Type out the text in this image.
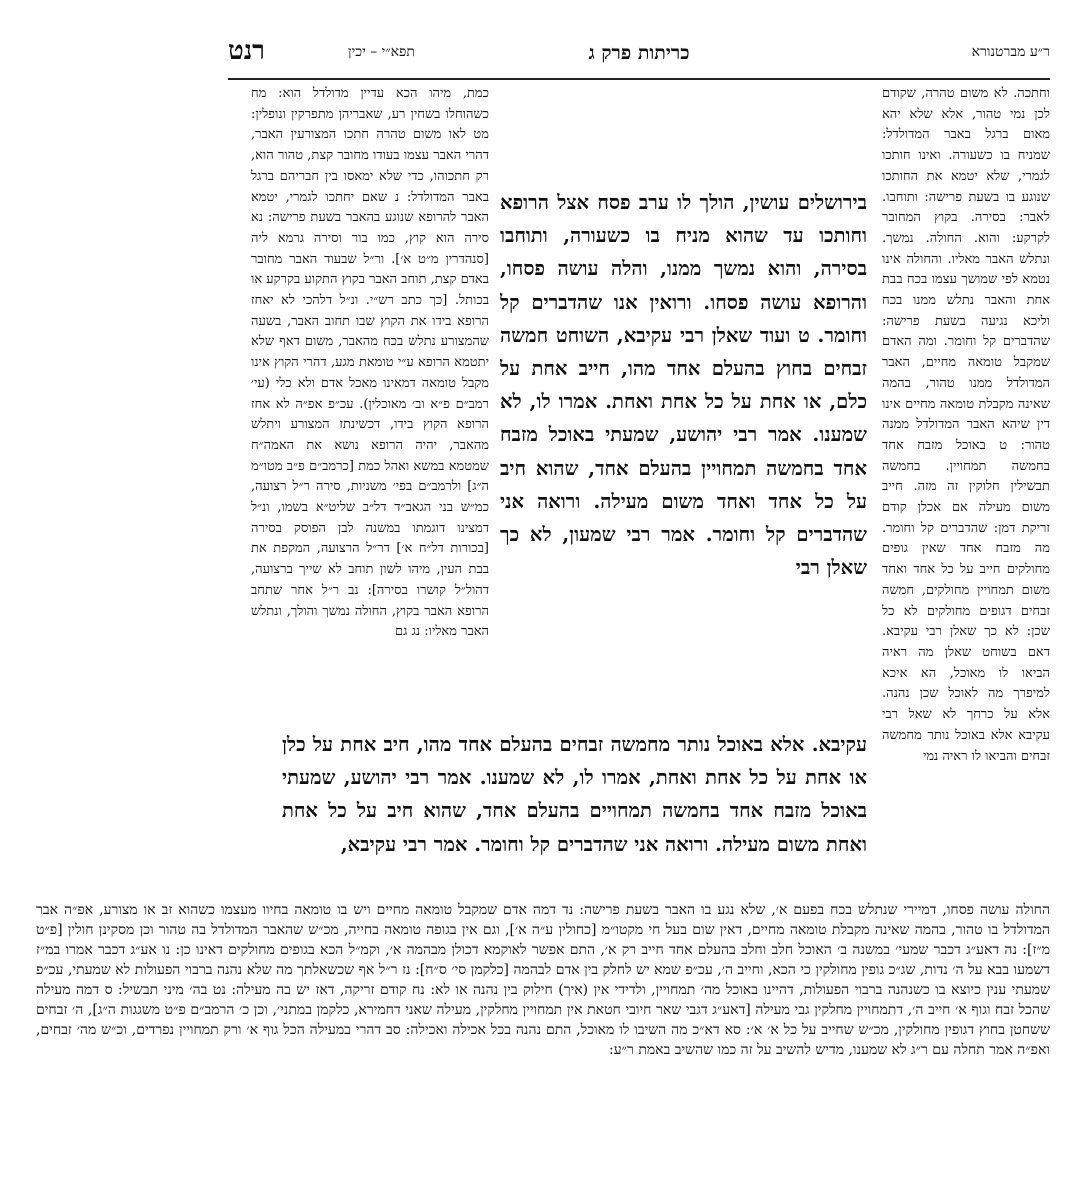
רנט	תפא״י – יכין	כריתות פרק ג	ר״ע מברטנורא

וחתכה. לא משום טהרה, שקודם לכן נמי טהור, אלא שלא יהא מאום ברגל באבר המדולדל: שמניח בו כשעורה. ואינו חותכו לגמרי, שלא יטמא את החותכו שנוגע בו בשעת פרישה: ותוחבו. לאבר: בסירה. בקוץ המחובר לקרקע: והוא. החולה. נמשך. ונתלש האבר מאליו. והחולה אינו נטמא לפי שמושך עצמו בכח בבת אחת והאבר נתלש ממנו בכח וליכא נגיעה בשעת פרישה: שהדברים קל וחומר. ומה האדם שמקבל טומאה מחיים, האבר המדולדל ממנו טהור, בהמה שאינה מקבלת טומאה מחיים אינו דין שיהא האבר המדולדל ממנה טהור: ט באוכל מזבח אחד בחמשה תמחויין. בחמשה תבשילין חלוקין זה מזה. חייב משום מעילה אם אכלן קודם זריקת דמן: שהדברים קל וחומר. מה מזבח אחד שאין גופים מחולקים חייב על כל אחד ואחד משום תמחויין מחולקים, חמשה זבחים דגופים מחולקים לא כל שכן: לא כך שאלן רבי עקיבא. דאם בשוחט שאלן מה ראיה הביאו לו מאוכל, הא איכא למיפרך מה לאוכל שכן נהנה. אלא על כרחך לא שאל רבי עקיבא אלא באוכל נותר מחמשה זבחים והביאו לו ראיה נמי

בירושלים עושין, הולך לו ערב פסח אצל הרופא וחותכו עד שהוא מניח בו כשעורה, ותוחבו בסירה, והוא נמשך ממנו, והלה עושה פסחו, והרופא עושה פסחו. ורואין אנו שהדברים קל וחומר. ט ועוד שאלן רבי עקיבא, השוחט חמשה זבחים בחוץ בהעלם אחד מהו, חייב אחת על כלם, או אחת על כל אחת ואחת. אמרו לו, לא שמענו. אמר רבי יהושע, שמעתי באוכל מזבח אחד בחמשה תמחויין בהעלם אחד, שהוא חיב על כל אחד ואחד משום מעילה. ורואה אני שהדברים קל וחומר. אמר רבי שמעון, לא כך שאלן רבי

עקיבא. אלא באוכל נותר מחמשה זבחים בהעלם אחד מהו, חיב אחת על כלן או אחת על כל אחת ואחת, אמרו לו, לא שמענו. אמר רבי יהושע, שמעתי באוכל מזבח אחד בחמשה תמחויים בהעלם אחד, שהוא חיב על כל אחת ואחת משום מעילה. ורואה אני שהדברים קל וחומר. אמר רבי עקיבא,

כמת, מיהו הכא עדיין מדולדל הוא: מח כשהוחלו בשחין רע, שאבריהן מתפרקין ונופלין: מט לאו משום טהרה חתכו המצורעין האבר, דהרי האבר עצמו בעודו מחובר קצת, טהור הוא, רק חתכוהו, כדי שלא ימאסו בין חבריהם ברגל באבר המדולדל: נ שאם יחתכו לגמרי, יטמא האבר להרופא שנוגע בהאבר בשעת פרישה: נא סירה הוא קוץ, כמו בור וסירה גרמא ליה [סנהדרין מ״ט א׳]. ור״ל שבעוד האבר מחובר באדם קצת, תוחב האבר בקוץ התקוע בקרקע או בכותל. [כך כתב רש״י. ונ״ל דלהכי לא יאחז הרופא בידו את הקוץ שבו תחוב האבר, בשעה שהמצורע נתלש בכח מהאבר, משום דאף שלא יתטמא הרופא ע״י טומאת מגע, דהרי הקוץ אינו מקבל טומאה דמאינו מאכל אדם ולא כלי (עי׳ רמב״ם פ״א וב׳ מאוכלין). עכ״פ אפ״ה לא אחז הרופא הקוץ בידו, דכשינתז המצורע ויתלש מהאבר, יהיה הרופא נושא את האמה״ח שמטמא במשא ואהל כמת [כרמב״ם פ״ב מטו״מ ה״ג] ולרמב״ם בפי׳ משניות, סירה ר״ל רצועה, כמ״ש בני הגאב״ד דל״ב שליט״א בשמו, ונ״ל דמצינו דוגמתו במשנה לבן הפוסק בסירה [בכורות דל״ח א׳] דר״ל הרצועה, המקפת את בבת העין, מיהו לשון תוחב לא שייך ברצועה, דהול״ל קושרו בסירה]: נב ר״ל אחר שתחב הרופא האבר בקוץ, החולה נמשך והולך, ונתלש האבר מאליו: נג גם

החולה עושה פסחו, דמיירי שנתלש בכח בפעם א׳, שלא נגע בו האבר בשעת פרישה: נד דמה אדם שמקבל טומאה מחיים ויש בו טומאה בחיוו מעצמו כשהוא זב או מצורע, אפ״ה אבר המדולדל בו טהור, בהמה שאינה מקבלת טומאה מחיים, דאין שום בעל חי מקטו״מ [כחולין ע״ה א׳], וגם אין בגופה טומאה בחייה, מכ״ש שהאבר המדולדל בה טהור וכן מסקינן חולין [פ״ט מ״ז]: נה דאע״ג דכבר שמעי׳ במשנה ב׳ האוכל חלב וחלב בהעלם אחד חייב רק א׳, התם אפשר לאוקמא דכולן מבהמה א׳, וקמ״ל הכא בגופים מחולקים דאינו כן: נו אע״ג דכבר אמרו במ״ז דשמעו בבא על ה׳ נדות, שג״כ גופין מחולקין כי הכא, וחייב ה׳, עכ״פ שמא יש לחלק בין אדם לבהמה [כלקמן סי׳ ס״ח]: נז ר״ל אף שכשאלתך מה שלא נהנה ברבוי הפעולות לא שמעתי, עכ״פ שמעתי ענין כיוצא בו כשנהנה ברבוי הפעולות, דהיינו באוכל מה׳ תמחויין, ולדידי אין (איך) חילוק בין נהנה או לא: נח קודם זריקה, דאז יש בה מעילה: נט בה׳ מיני תבשיל: ס דמה מעילה שהכל זבח וגוף א׳ חייב ה׳, דתמחויין מחלקין גבי מעילה [דאע״ג דגבי שאר חיובי חטאת אין תמחויין מחלקין, מעילה שאני דחמירא, כלקמן במתני׳, וכן כ׳ הרמב״ם פ״ט משגגות ה״ג], ה׳ זבחים ששחטן בחוץ דגופין מחולקין, מכ״ש שחייב על כל א׳ א׳: סא דא״כ מה השיבו לו מאוכל, התם נהנה בכל אכילה ואכילה: סב דהרי במעילה הכל גוף א׳ ורק תמחויין נפרדים, וכ״ש מה׳ זבחים, ואפ״ה אמר תחלה עם ר״ג לא שמענו, מדיש להשיב על זה כמו שהשיב באמת ר״ע:
